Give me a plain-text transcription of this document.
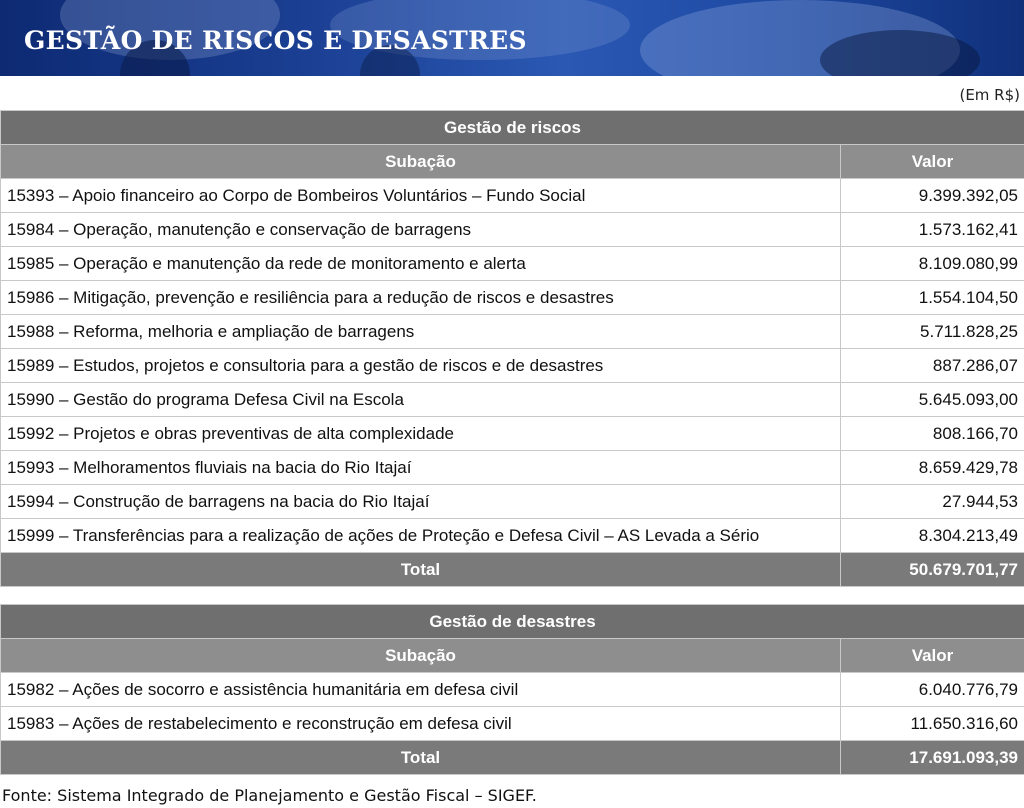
GESTÃO DE RISCOS E DESASTRES
(Em R$)
Gestão de riscos	
Subação	Valor
15393 – Apoio financeiro ao Corpo de Bombeiros Voluntários – Fundo Social	9.399.392,05
15984 – Operação, manutenção e conservação de barragens	1.573.162,41
15985 – Operação e manutenção da rede de monitoramento e alerta	8.109.080,99
15986 – Mitigação, prevenção e resiliência para a redução de riscos e desastres	1.554.104,50
15988 – Reforma, melhoria e ampliação de barragens	5.711.828,25
15989 – Estudos, projetos e consultoria para a gestão de riscos e de desastres	887.286,07
15990 – Gestão do programa Defesa Civil na Escola	5.645.093,00
15992 – Projetos e obras preventivas de alta complexidade	808.166,70
15993 – Melhoramentos fluviais na bacia do Rio Itajaí	8.659.429,78
15994 – Construção de barragens na bacia do Rio Itajaí	27.944,53
15999 – Transferências para a realização de ações de Proteção e Defesa Civil – AS Levada a Sério	8.304.213,49
Total	50.679.701,77
Gestão de desastres	
Subação	Valor
15982 – Ações de socorro e assistência humanitária em defesa civil	6.040.776,79
15983 – Ações de restabelecimento e reconstrução em defesa civil	11.650.316,60
Total	17.691.093,39
Fonte: Sistema Integrado de Planejamento e Gestão Fiscal – SIGEF.
